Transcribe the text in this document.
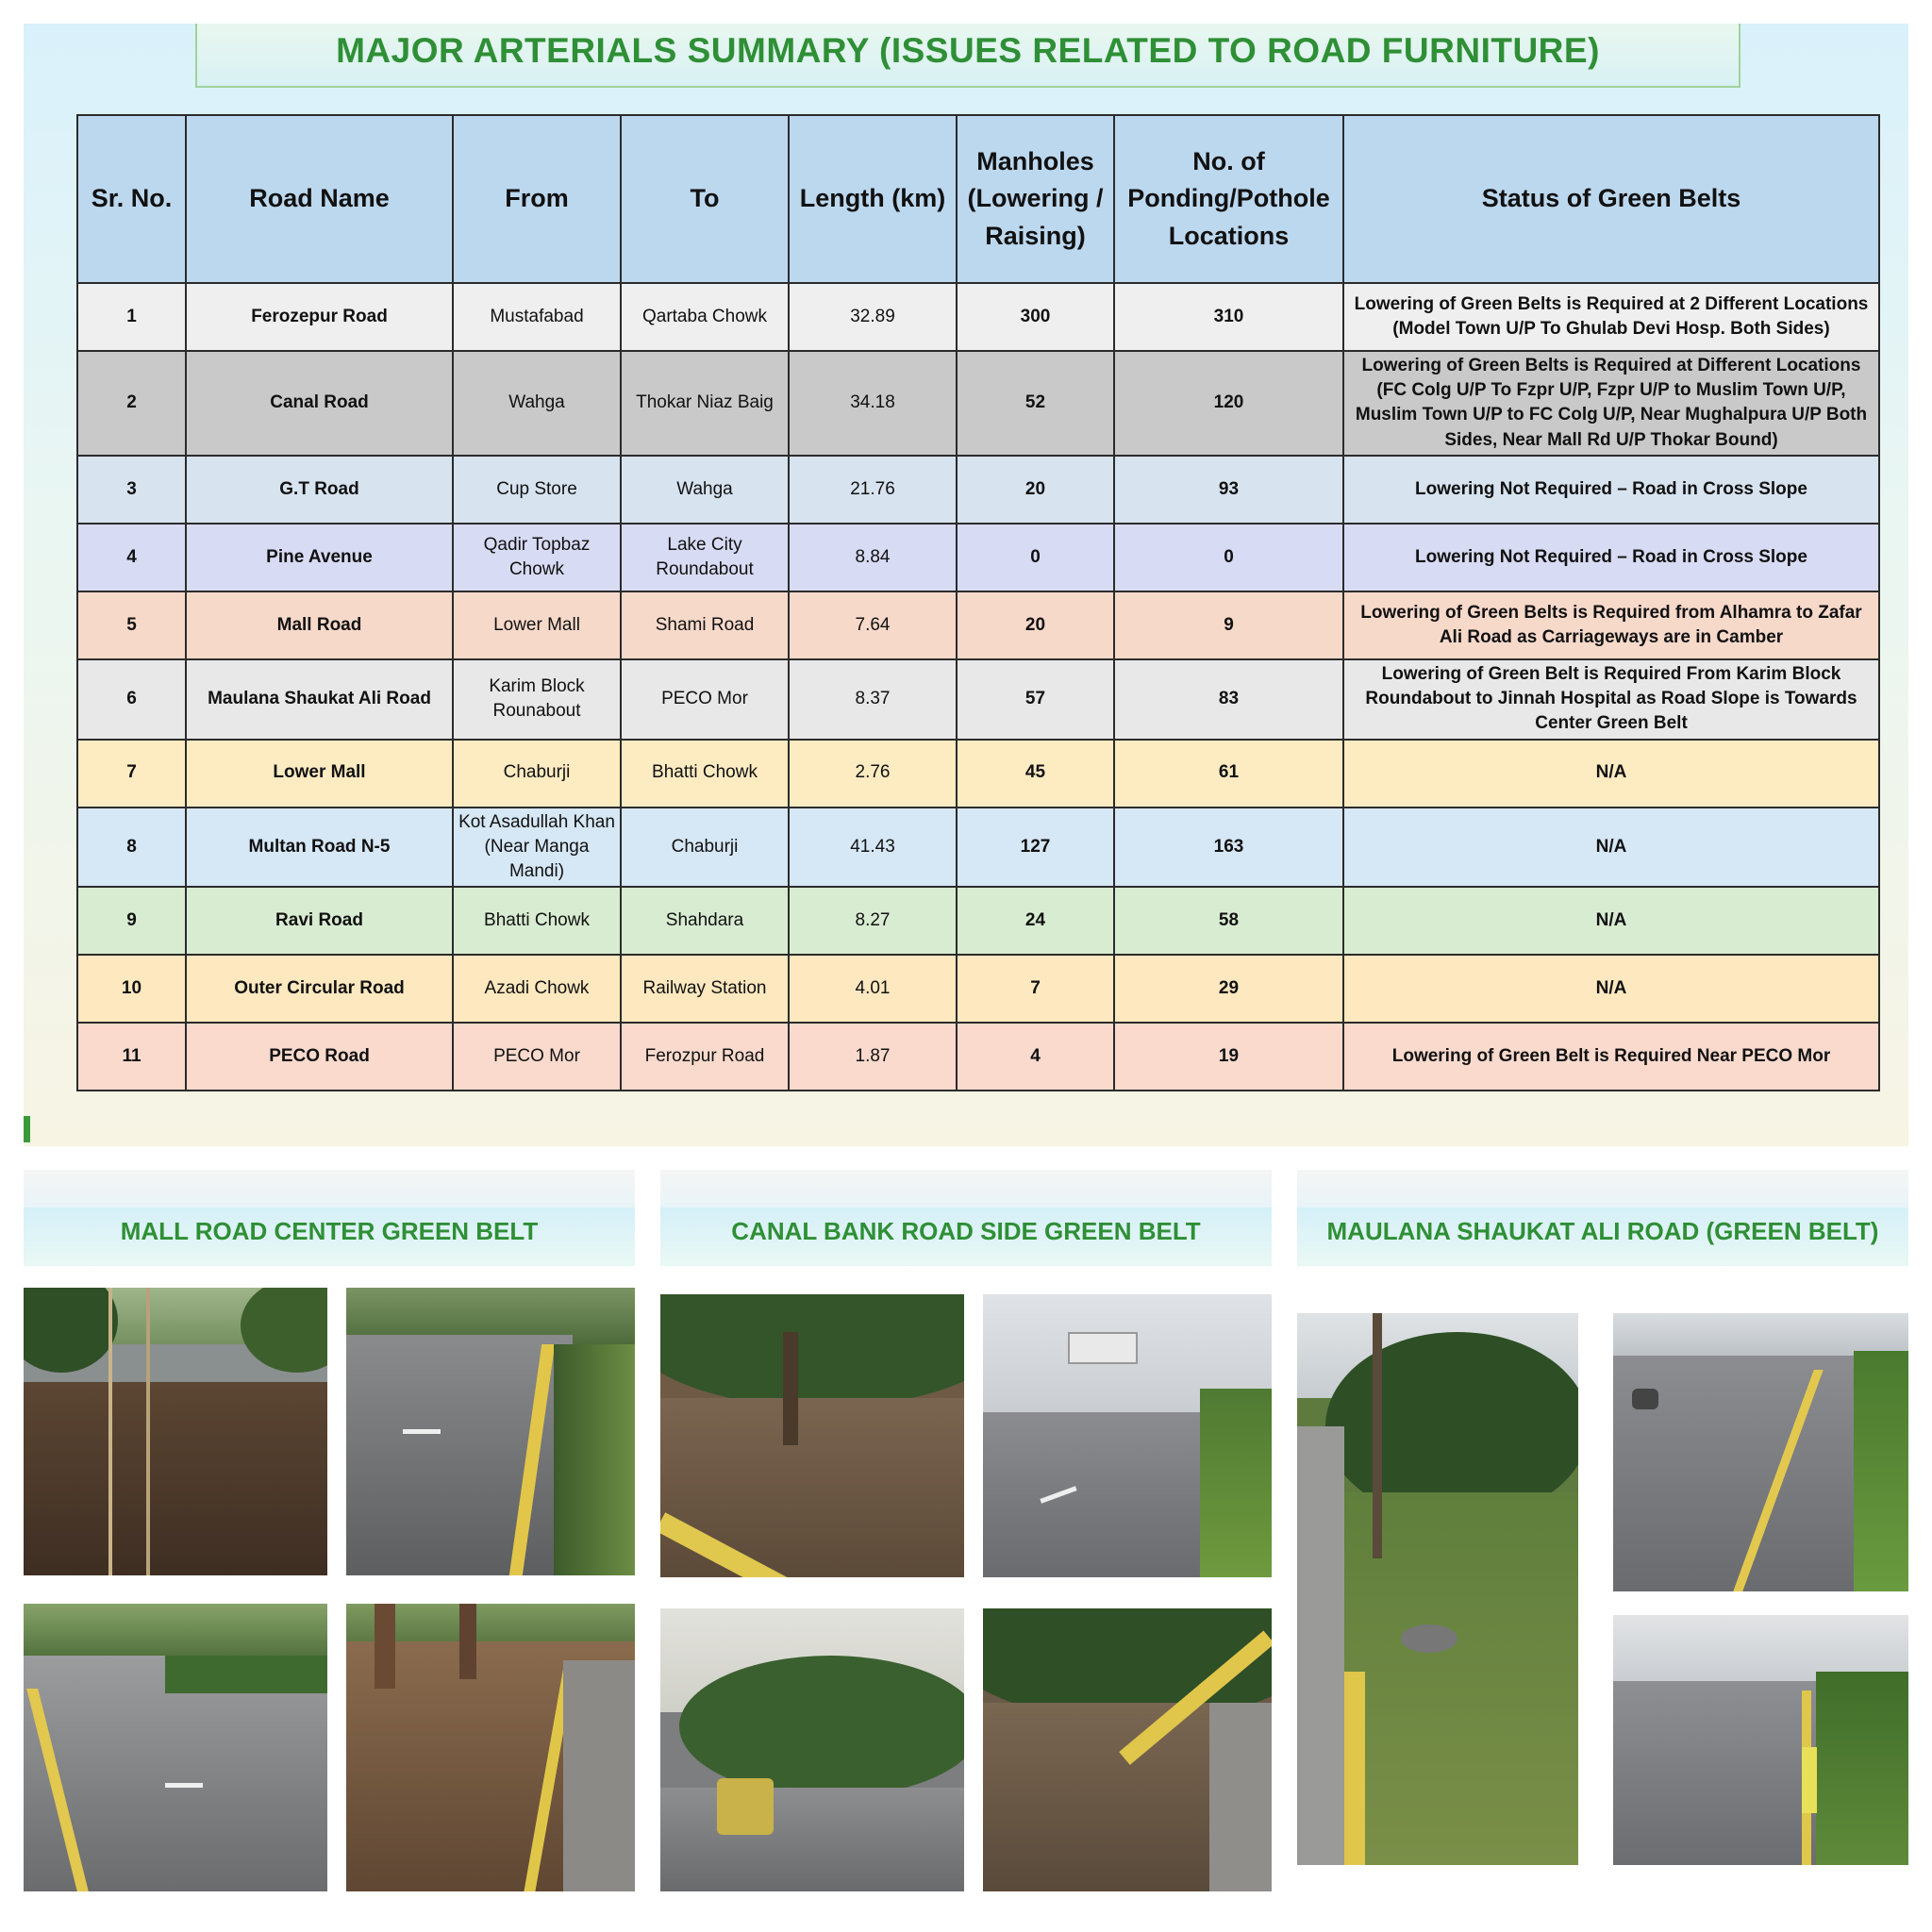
MAJOR ARTERIALS SUMMARY (ISSUES RELATED TO ROAD FURNITURE)
Sr. No.	Road Name	From	To	Length (km)	Manholes (Lowering / Raising)	No. of Ponding/Pothole Locations	Status of Green Belts
1	Ferozepur Road	Mustafabad	Qartaba Chowk	32.89	300	310	Lowering of Green Belts is Required at 2 Different Locations (Model Town U/P To Ghulab Devi Hosp. Both Sides)
2	Canal Road	Wahga	Thokar Niaz Baig	34.18	52	120	Lowering of Green Belts is Required at Different Locations (FC Colg U/P To Fzpr U/P, Fzpr U/P to Muslim Town U/P, Muslim Town U/P to FC Colg U/P, Near Mughalpura U/P Both Sides, Near Mall Rd U/P Thokar Bound)
3	G.T Road	Cup Store	Wahga	21.76	20	93	Lowering Not Required – Road in Cross Slope
4	Pine Avenue	Qadir Topbaz Chowk	Lake City Roundabout	8.84	0	0	Lowering Not Required – Road in Cross Slope
5	Mall Road	Lower Mall	Shami Road	7.64	20	9	Lowering of Green Belts is Required from Alhamra to Zafar Ali Road as Carriageways are in Camber
6	Maulana Shaukat Ali Road	Karim Block Rounabout	PECO Mor	8.37	57	83	Lowering of Green Belt is Required From Karim Block Roundabout to Jinnah Hospital as Road Slope is Towards Center Green Belt
7	Lower Mall	Chaburji	Bhatti Chowk	2.76	45	61	N/A
8	Multan Road N-5	Kot Asadullah Khan (Near Manga Mandi)	Chaburji	41.43	127	163	N/A
9	Ravi Road	Bhatti Chowk	Shahdara	8.27	24	58	N/A
10	Outer Circular Road	Azadi Chowk	Railway Station	4.01	7	29	N/A
11	PECO Road	PECO Mor	Ferozpur Road	1.87	4	19	Lowering of Green Belt is Required Near PECO Mor
MALL ROAD CENTER GREEN BELT	CANAL BANK ROAD SIDE GREEN BELT	MAULANA SHAUKAT ALI ROAD (GREEN BELT)
